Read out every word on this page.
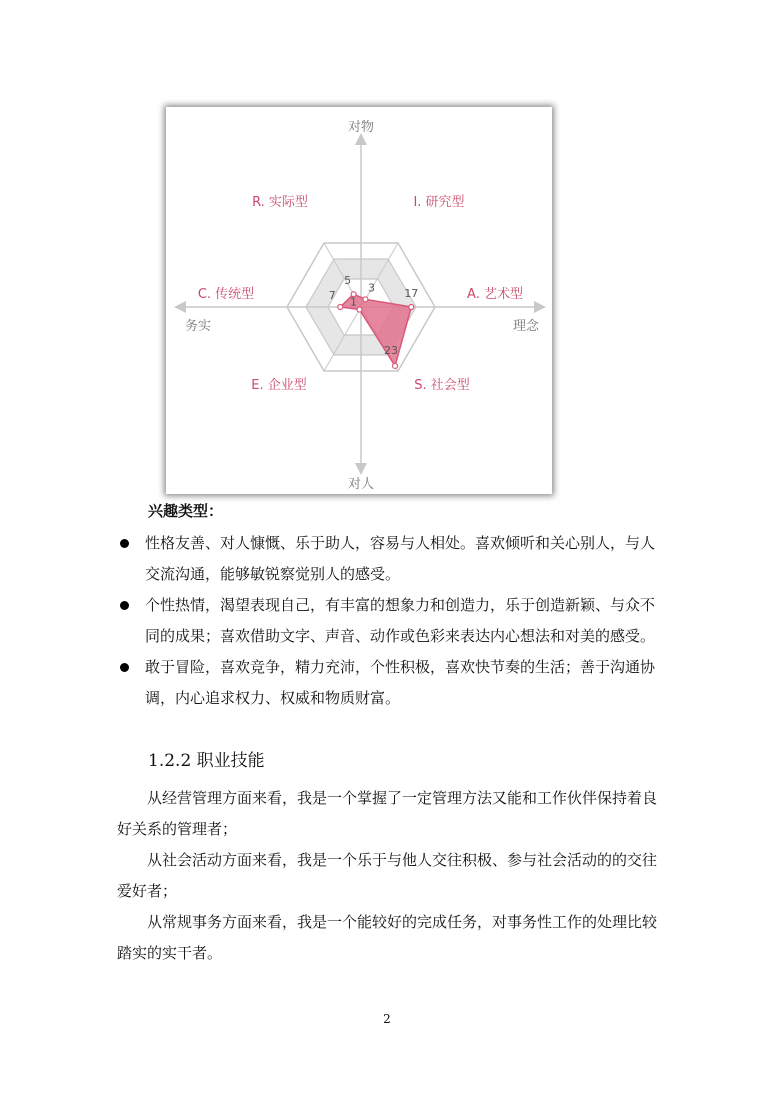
5
3	17
23
1
7
对物
对人
务实	理念
R. 实际型	I. 研究型
A. 艺术型
S. 社会型
E. 企业型
C. 传统型
兴趣类型：
性格友善、对人慷慨、乐于助人，容易与人相处。喜欢倾听和关心别人，与人交流沟通，能够敏锐察觉别人的感受。
个性热情，渴望表现自己，有丰富的想象力和创造力，乐于创造新颖、与众不同的成果；喜欢借助文字、声音、动作或色彩来表达内心想法和对美的感受。
敢于冒险，喜欢竞争，精力充沛，个性积极，喜欢快节奏的生活；善于沟通协调，内心追求权力、权威和物质财富。
1.2.2 职业技能

从经营管理方面来看，我是一个掌握了一定管理方法又能和工作伙伴保持着良好关系的管理者；

从社会活动方面来看，我是一个乐于与他人交往积极、参与社会活动的的交往爱好者；

从常规事务方面来看，我是一个能较好的完成任务，对事务性工作的处理比较踏实的实干者。

2
